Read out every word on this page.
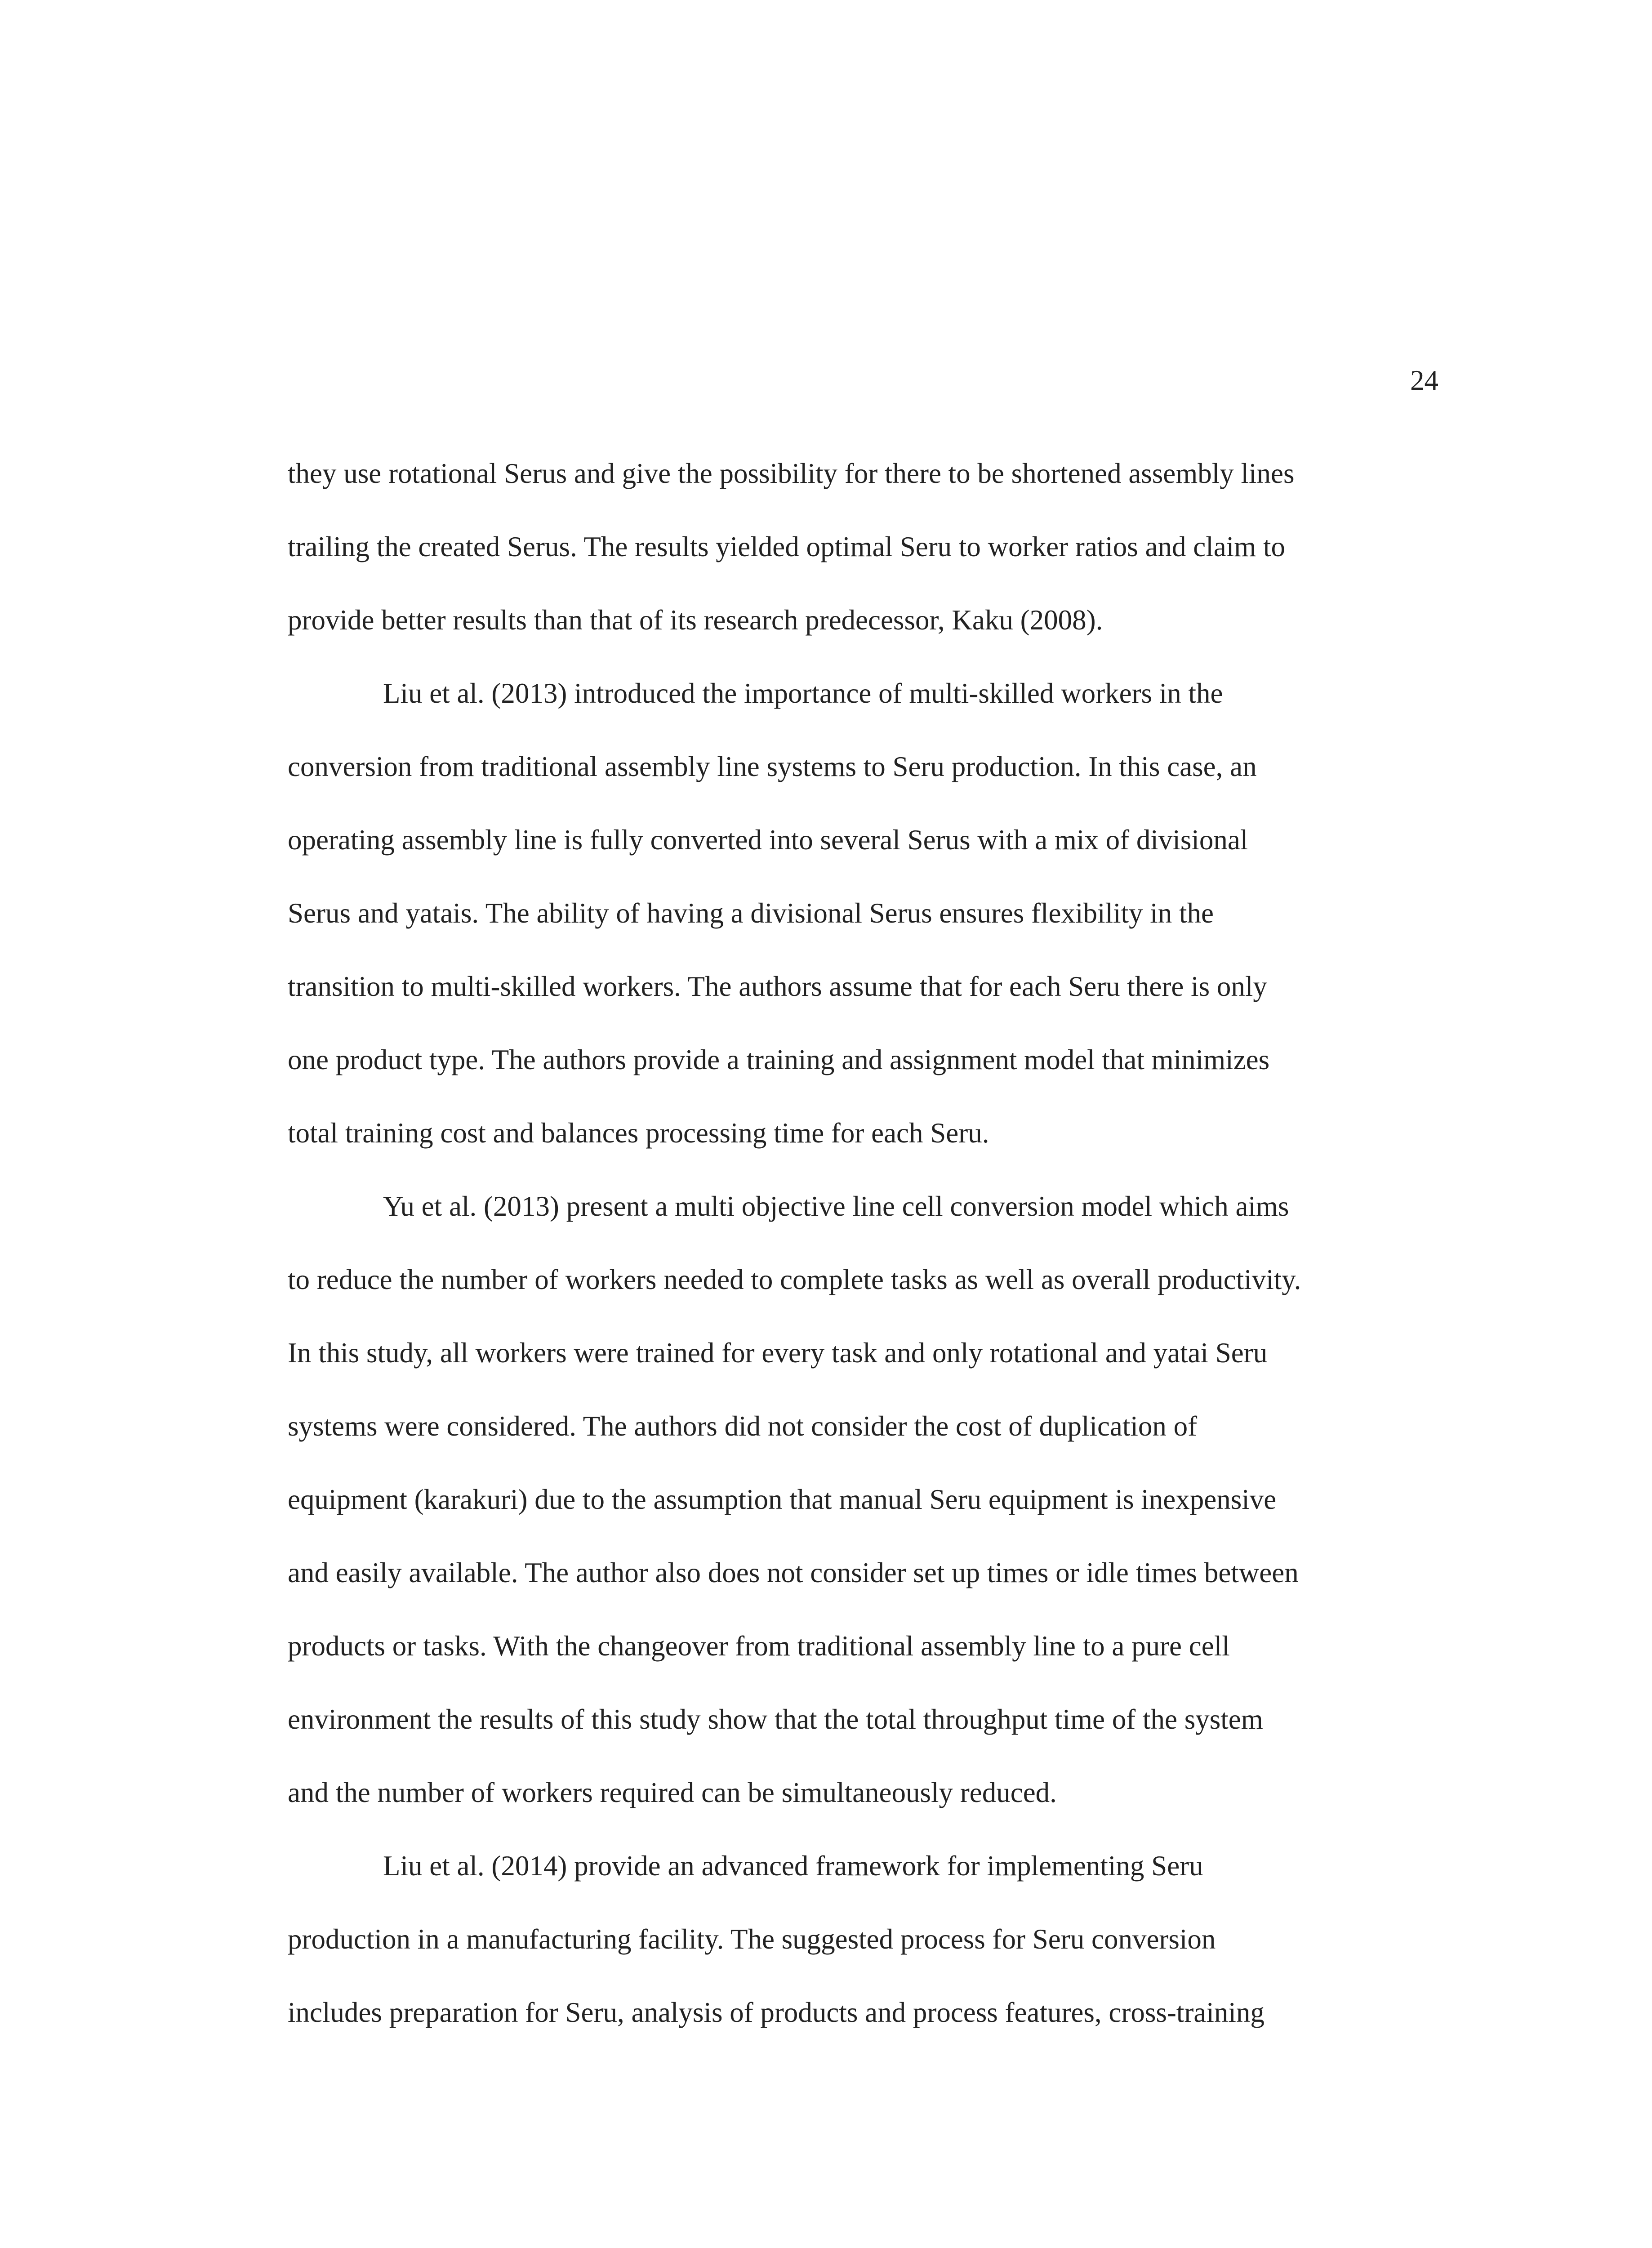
24
they use rotational Serus and give the possibility for there to be shortened assembly lines
trailing the created Serus. The results yielded optimal Seru to worker ratios and claim to
provide better results than that of its research predecessor, Kaku (2008).
Liu et al. (2013) introduced the importance of multi-skilled workers in the
conversion from traditional assembly line systems to Seru production. In this case, an
operating assembly line is fully converted into several Serus with a mix of divisional
Serus and yatais. The ability of having a divisional Serus ensures flexibility in the
transition to multi-skilled workers. The authors assume that for each Seru there is only
one product type. The authors provide a training and assignment model that minimizes
total training cost and balances processing time for each Seru.
Yu et al. (2013) present a multi objective line cell conversion model which aims
to reduce the number of workers needed to complete tasks as well as overall productivity.
In this study, all workers were trained for every task and only rotational and yatai Seru
systems were considered. The authors did not consider the cost of duplication of
equipment (karakuri) due to the assumption that manual Seru equipment is inexpensive
and easily available. The author also does not consider set up times or idle times between
products or tasks. With the changeover from traditional assembly line to a pure cell
environment the results of this study show that the total throughput time of the system
and the number of workers required can be simultaneously reduced.
Liu et al. (2014) provide an advanced framework for implementing Seru
production in a manufacturing facility. The suggested process for Seru conversion
includes preparation for Seru, analysis of products and process features, cross-training
